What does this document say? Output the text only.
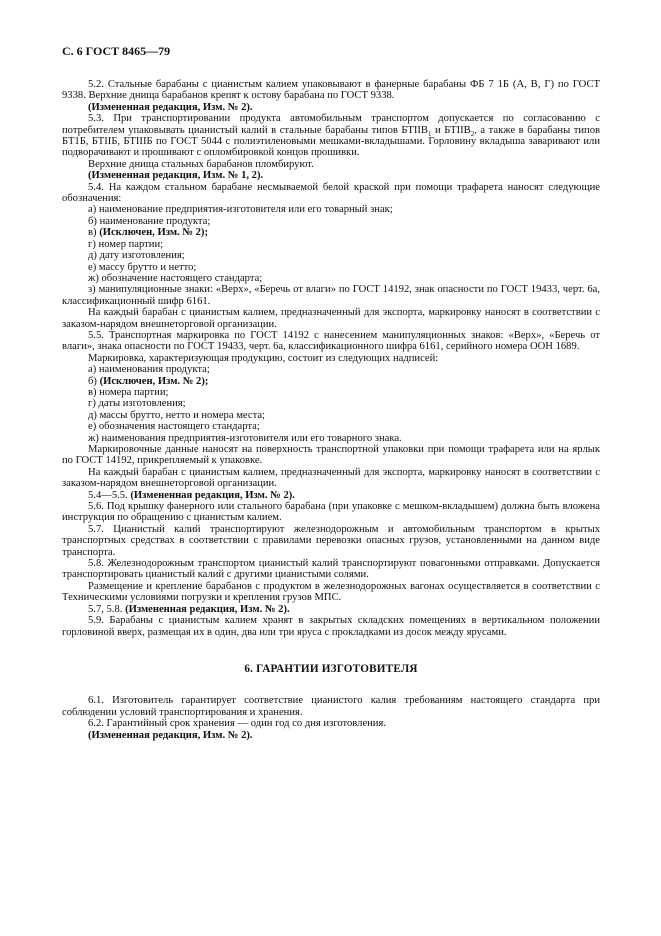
С. 6 ГОСТ 8465—79

5.2. Стальные барабаны с цианистым калием упаковывают в фанерные барабаны ФБ 7 1Б (А, В, Г) по ГОСТ 9338. Верхние днища барабанов крепят к остову барабана по ГОСТ 9338.

(Измененная редакция, Изм. № 2).

5.3. При транспортировании продукта автомобильным транспортом допускается по согласованию с потребителем упаковывать цианистый калий в стальные барабаны типов $БТIIВ_1$ и $БТIIВ_2$, а также в барабаны типов БТ1Б, БТIIБ, БТIIIБ по ГОСТ 5044 с полиэтиленовыми мешками-вкладышами. Горловину вкладыша заваривают или подворачивают и прошивают с опломбировкой концов прошивки.

Верхние днища стальных барабанов пломбируют.

(Измененная редакция, Изм. № 1, 2).

5.4. На каждом стальном барабане несмываемой белой краской при помощи трафарета наносят следующие обозначения:

а) наименование предприятия-изготовителя или его товарный знак;

б) наименование продукта;

в) (Исключен, Изм. № 2);

г) номер партии;

д) дату изготовления;

е) массу брутто и нетто;

ж) обозначение настоящего стандарта;

з) манипуляционные знаки: «Верх», «Беречь от влаги» по ГОСТ 14192, знак опасности по ГОСТ 19433, черт. 6а, классификационный шифр 6161.

На каждый барабан с цианистым калием, предназначенный для экспорта, маркировку наносят в соответствии с заказом-нарядом внешнеторговой организации.

5.5. Транспортная маркировка по ГОСТ 14192 с нанесением манипуляционных знаков: «Верх», «Беречь от влаги», знака опасности по ГОСТ 19433, черт. 6а, классификационного шифра 6161, серийного номера ООН 1689.

Маркировка, характеризующая продукцию, состоит из следующих надписей:

а) наименования продукта;

б) (Исключен, Изм. № 2);

в) номера партии;

г) даты изготовления;

д) массы брутто, нетто и номера места;

е) обозначения настоящего стандарта;

ж) наименования предприятия-изготовителя или его товарного знака.

Маркировочные данные наносят на поверхность транспортной упаковки при помощи трафарета или на ярлык по ГОСТ 14192, прикрепляемый к упаковке.

На каждый барабан с цианистым калием, предназначенный для экспорта, маркировку наносят в соответствии с заказом-нарядом внешнеторговой организации.

5.4—5.5. (Измененная редакция, Изм. № 2).

5.6. Под крышку фанерного или стального барабана (при упаковке с мешком-вкладышем) должна быть вложена инструкция по обращению с цианистым калием.

5.7. Цианистый калий транспортируют железнодорожным и автомобильным транспортом в крытых транспортных средствах в соответствии с правилами перевозки опасных грузов, установленными на данном виде транспорта.

5.8. Железнодорожным транспортом цианистый калий транспортируют повагонными отправками. Допускается транспортировать цианистый калий с другими цианистыми солями.

Размещение и крепление барабанов с продуктом в железнодорожных вагонах осуществляется в соответствии с Техническими условиями погрузки и крепления грузов МПС.

5.7, 5.8. (Измененная редакция, Изм. № 2).

5.9. Барабаны с цианистым калием хранят в закрытых складских помещениях в вертикальном положении горловиной вверх, размещая их в один, два или три яруса с прокладками из досок между ярусами.

6. ГАРАНТИИ ИЗГОТОВИТЕЛЯ

6.1. Изготовитель гарантирует соответствие цианистого калия требованиям настоящего стандарта при соблюдении условий транспортирования и хранения.

6.2. Гарантийный срок хранения — один год со дня изготовления.

(Измененная редакция, Изм. № 2).
